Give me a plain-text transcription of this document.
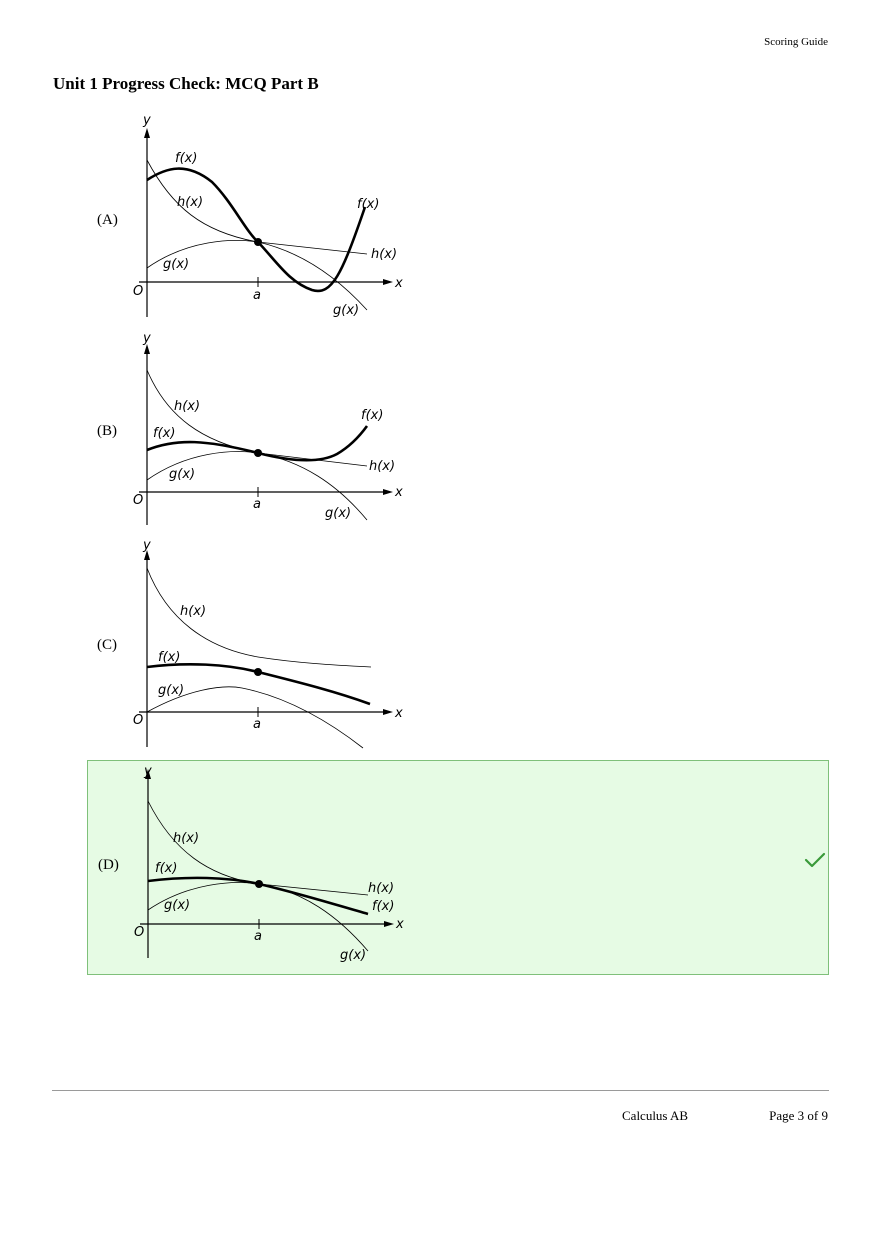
Scoring Guide
Unit 1 Progress Check: MCQ Part B
(A)
y
O	a
x
f(x)
h(x)	f(x)
h(x)
g(x)
g(x)
(B)
y
O	a
x
h(x)
f(x)
f(x)
h(x)
g(x)
g(x)
(C)
y
O	a
x
h(x)
f(x)
g(x)
(D)
y
O	a
x
h(x)
f(x)
h(x)
f(x)
g(x)
g(x)
Calculus AB	Page 3 of 9
